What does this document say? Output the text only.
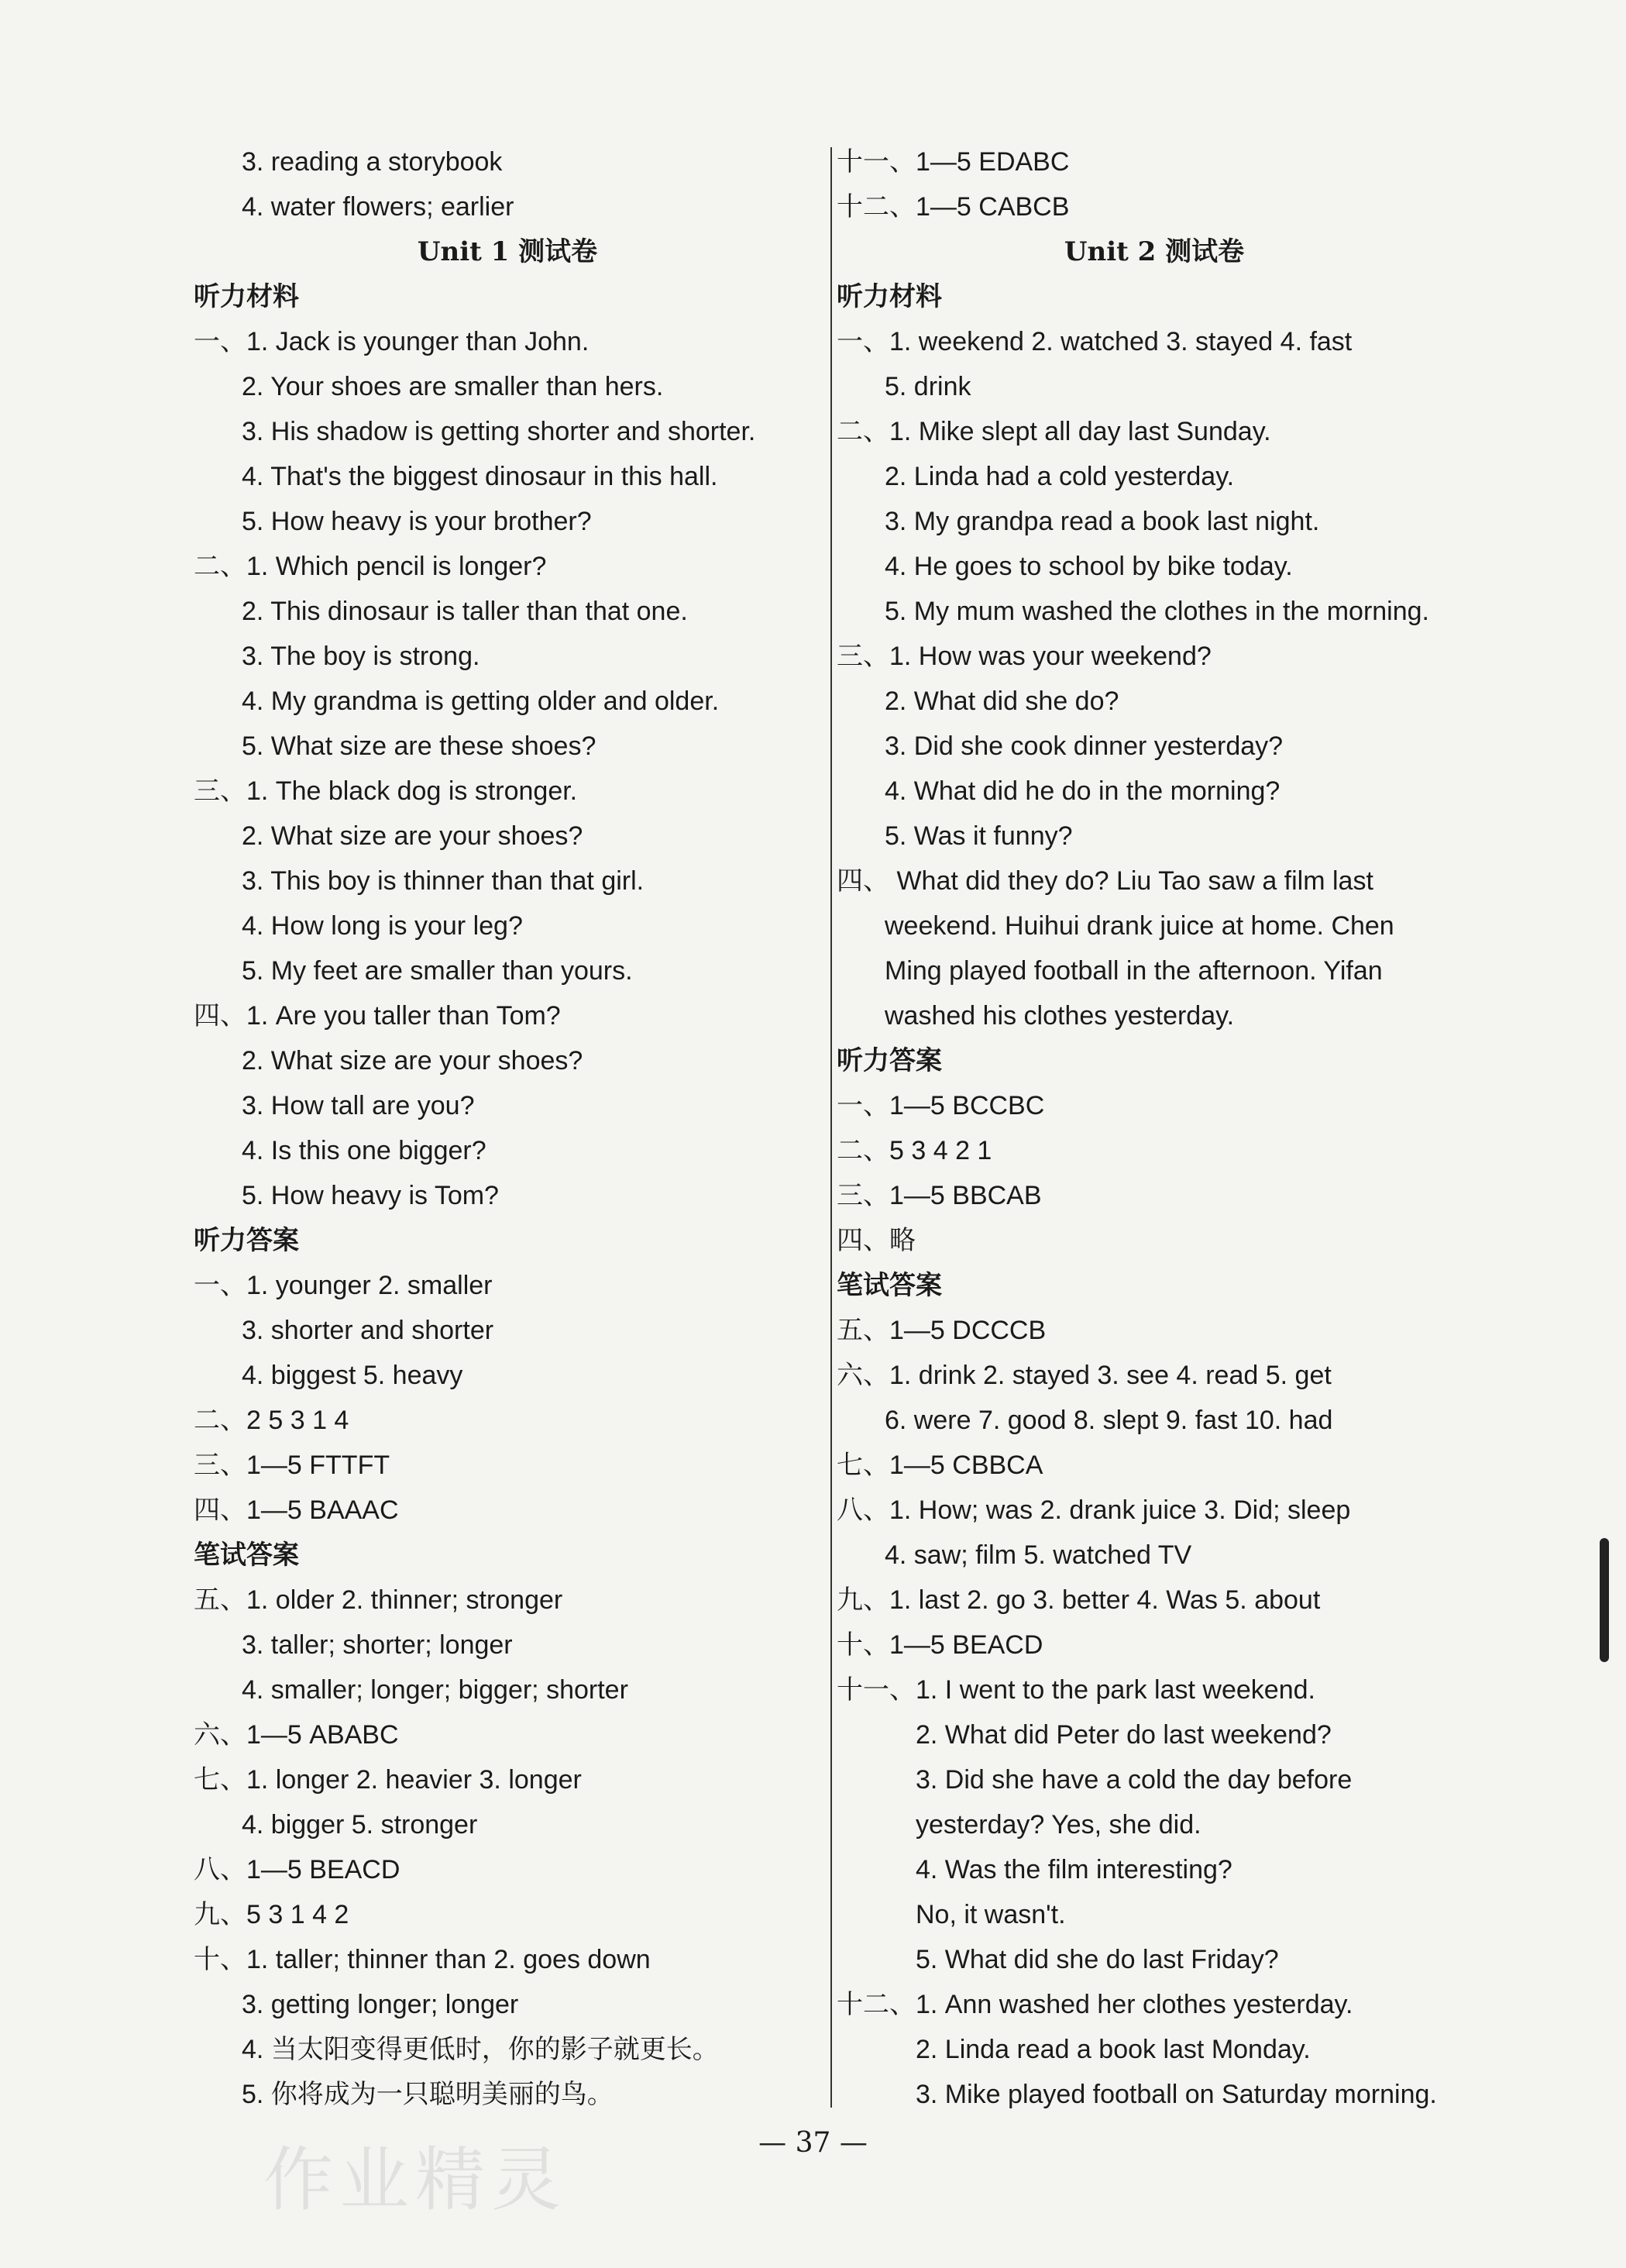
3. reading a storybook
4. water flowers; earlier
Unit 1 测试卷
听力材料
一、1. Jack is younger than John.
2. Your shoes are smaller than hers.
3. His shadow is getting shorter and shorter.
4. That's the biggest dinosaur in this hall.
5. How heavy is your brother?
二、1. Which pencil is longer?
2. This dinosaur is taller than that one.
3. The boy is strong.
4. My grandma is getting older and older.
5. What size are these shoes?
三、1. The black dog is stronger.
2. What size are your shoes?
3. This boy is thinner than that girl.
4. How long is your leg?
5. My feet are smaller than yours.
四、1. Are you taller than Tom?
2. What size are your shoes?
3. How tall are you?
4. Is this one bigger?
5. How heavy is Tom?
听力答案
一、1. younger 2. smaller
3. shorter and shorter
4. biggest 5. heavy
二、2 5 3 1 4
三、1—5 FTTFT
四、1—5 BAAAC
笔试答案
五、1. older 2. thinner; stronger
3. taller; shorter; longer
4. smaller; longer; bigger; shorter
六、1—5 ABABC
七、1. longer 2. heavier 3. longer
4. bigger 5. stronger
八、1—5 BEACD
九、5 3 1 4 2
十、1. taller; thinner than 2. goes down
3. getting longer; longer
4. 当太阳变得更低时，你的影子就更长。
5. 你将成为一只聪明美丽的鸟。
十一、1—5 EDABC
十二、1—5 CABCB
Unit 2 测试卷
听力材料
一、1. weekend 2. watched 3. stayed 4. fast
5. drink
二、1. Mike slept all day last Sunday.
2. Linda had a cold yesterday.
3. My grandpa read a book last night.
4. He goes to school by bike today.
5. My mum washed the clothes in the morning.
三、1. How was your weekend?
2. What did she do?
3. Did she cook dinner yesterday?
4. What did he do in the morning?
5. Was it funny?
四、 What did they do? Liu Tao saw a film last
weekend. Huihui drank juice at home. Chen
Ming played football in the afternoon. Yifan
washed his clothes yesterday.
听力答案
一、1—5 BCCBC
二、5 3 4 2 1
三、1—5 BBCAB
四、略
笔试答案
五、1—5 DCCCB
六、1. drink 2. stayed 3. see 4. read 5. get
6. were 7. good 8. slept 9. fast 10. had
七、1—5 CBBCA
八、1. How; was 2. drank juice 3. Did; sleep
4. saw; film 5. watched TV
九、1. last 2. go 3. better 4. Was 5. about
十、1—5 BEACD
十一、1. I went to the park last weekend.
2. What did Peter do last weekend?
3. Did she have a cold the day before
yesterday? Yes, she did.
4. Was the film interesting?
No, it wasn't.
5. What did she do last Friday?
十二、1. Ann washed her clothes yesterday.
2. Linda read a book last Monday.
3. Mike played football on Saturday morning.
— 37 —
作业精灵
